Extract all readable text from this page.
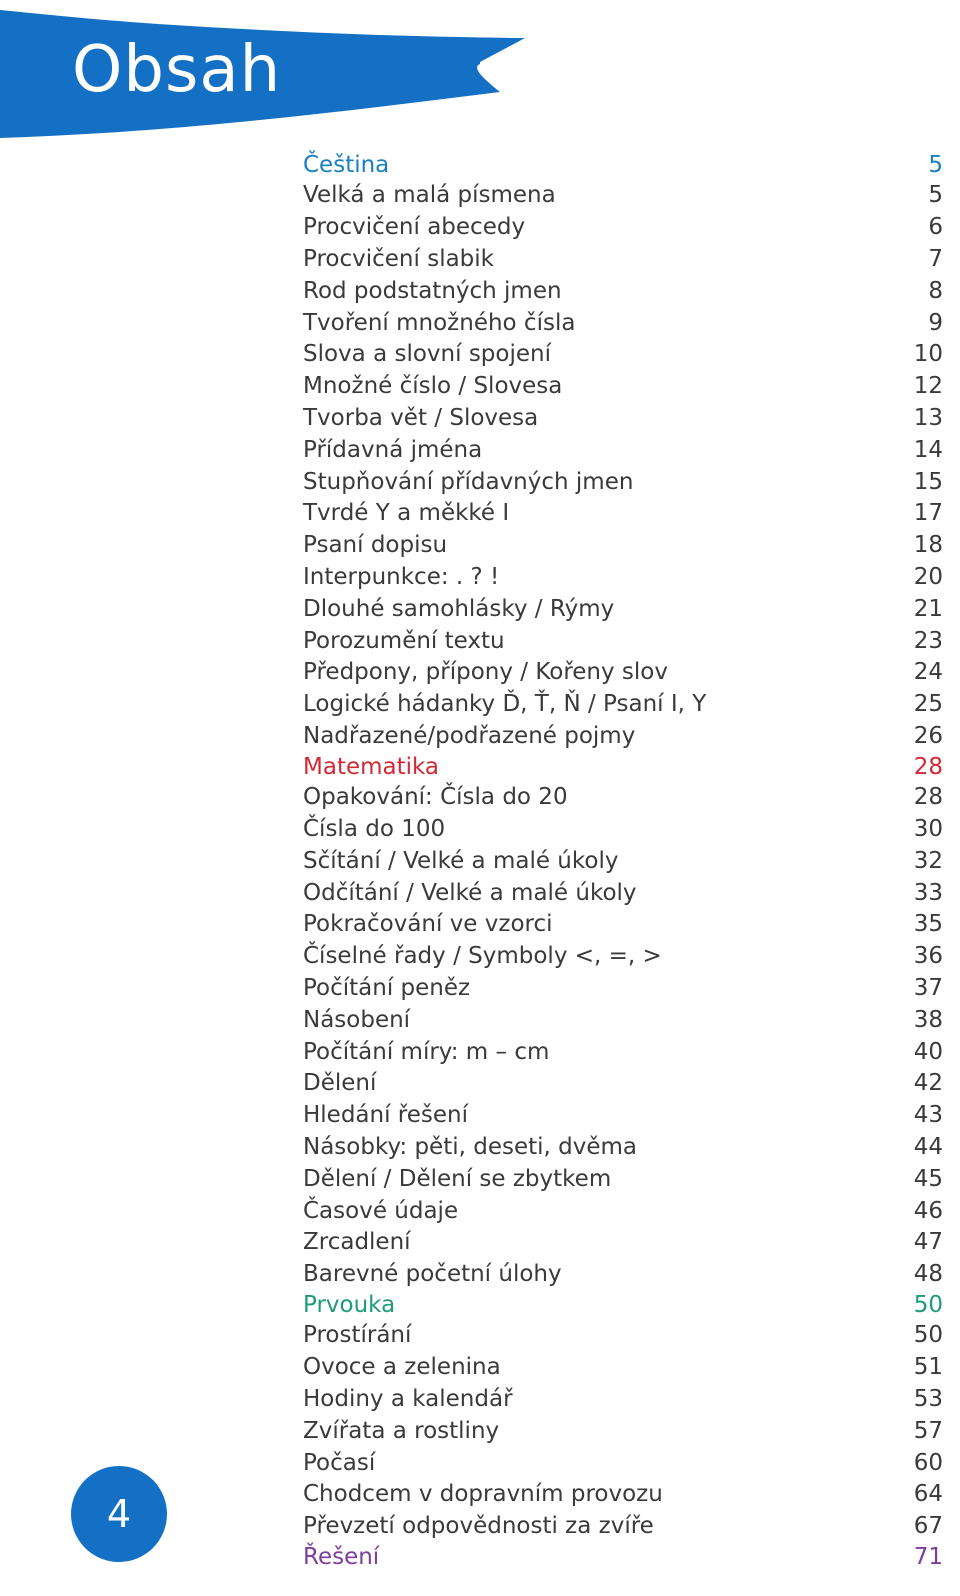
Obsah
Čeština	5
Velká a malá písmena	5
Procvičení abecedy	6
Procvičení slabik	7
Rod podstatných jmen	8
Tvoření množného čísla	9
Slova a slovní spojení	10
Množné číslo / Slovesa	12
Tvorba vět / Slovesa	13
Přídavná jména	14
Stupňování přídavných jmen	15
Tvrdé Y a měkké I	17
Psaní dopisu	18
Interpunkce: . ? !	20
Dlouhé samohlásky / Rýmy	21
Porozumění textu	23
Předpony, přípony / Kořeny slov	24
Logické hádanky Ď, Ť, Ň / Psaní I, Y	25
Nadřazené/podřazené pojmy	26
Matematika	28
Opakování: Čísla do 20	28
Čísla do 100	30
Sčítání / Velké a malé úkoly	32
Odčítání / Velké a malé úkoly	33
Pokračování ve vzorci	35
Číselné řady / Symboly <, =, >	36
Počítání peněz	37
Násobení	38
Počítání míry: m – cm	40
Dělení	42
Hledání řešení	43
Násobky: pěti, deseti, dvěma	44
Dělení / Dělení se zbytkem	45
Časové údaje	46
Zrcadlení	47
Barevné početní úlohy	48
Prvouka	50
Prostírání	50
Ovoce a zelenina	51
Hodiny a kalendář	53
Zvířata a rostliny	57
Počasí	60
Chodcem v dopravním provozu	64
Převzetí odpovědnosti za zvíře	67
Řešení	71
4
